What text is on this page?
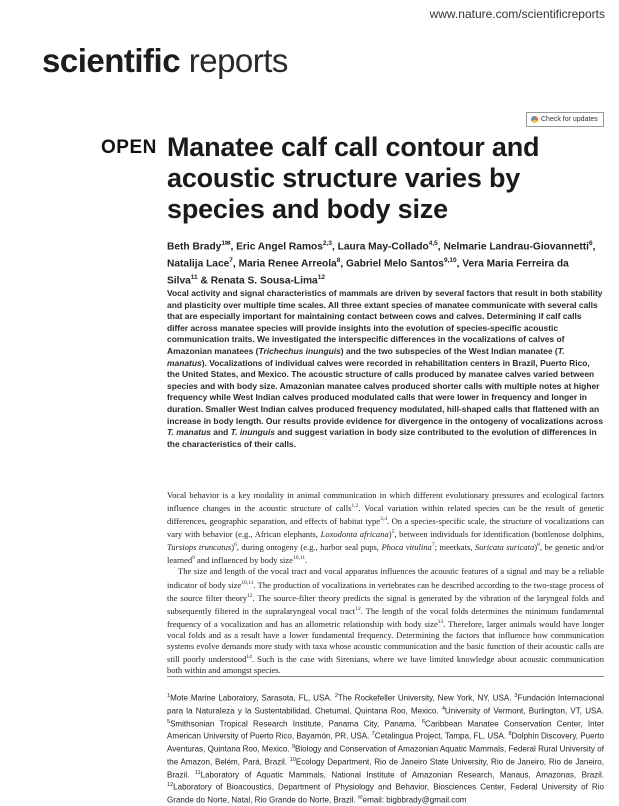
www.nature.com/scientificreports
scientific reports
Check for updates
OPEN Manatee calf call contour and acoustic structure varies by species and body size
Beth Brady$^{1✉}$, Eric Angel Ramos$^{2,3}$, Laura May-Collado$^{4,5}$, Nelmarie Landrau-Giovannetti$^6$, Natalija Lace$^7$, Maria Renee Arreola$^8$, Gabriel Melo Santos$^{9,10}$, Vera Maria Ferreira da Silva$^{11}$ & Renata S. Sousa-Lima$^{12}$
Vocal activity and signal characteristics of mammals are driven by several factors that result in both stability and plasticity over multiple time scales. All three extant species of manatee communicate with several calls that are especially important for maintaining contact between cows and calves. Determining if calf calls differ across manatee species will provide insights into the evolution of species-specific acoustic communication traits. We investigated the interspecific differences in the vocalizations of calves of Amazonian manatees (Trichechus inunguis) and the two subspecies of the West Indian manatee (T. manatus). Vocalizations of individual calves were recorded in rehabilitation centers in Brazil, Puerto Rico, the United States, and Mexico. The acoustic structure of calls produced by manatee calves varied between species and with body size. Amazonian manatee calves produced shorter calls with multiple notes at higher frequency while West Indian calves produced modulated calls that were lower in frequency and longer in duration. Smaller West Indian calves produced frequency modulated, hill-shaped calls that flattened with an increase in body length. Our results provide evidence for divergence in the ontogeny of vocalizations across T. manatus and T. inunguis and suggest variation in body size contributed to the evolution of differences in the characteristics of their calls.

Vocal behavior is a key modality in animal communication in which different evolutionary pressures and ecological factors influence changes in the acoustic structure of calls$^{1,2}$. Vocal variation within related species can be the result of genetic differences, geographic separation, and effects of habitat type$^{3,4}$. On a species-specific scale, the structure of vocalizations can vary with behavior (e.g., African elephants, Loxodonta africana)$^5$, between individuals for identification (bottlenose dolphins, Tursiops truncatus)$^6$, during ontogeny (e.g., harbor seal pups, Phoca vitulina$^7$; meerkats, Suricata suricata)$^8$, be genetic and/or learned$^9$ and influenced by body size$^{10,11}$.

The size and length of the vocal tract and vocal apparatus influences the acoustic features of a signal and may be a reliable indicator of body size$^{10,11}$. The production of vocalizations in vertebrates can be described according to the two-stage process of the source filter theory$^{12}$. The source-filter theory predicts the signal is generated by the vibration of the laryngeal folds and subsequently filtered in the supralaryngeal vocal tract$^{12}$. The length of the vocal folds determines the minimum fundamental frequency of a vocalization and has an allometric relationship with body size$^{13}$. Therefore, larger animals would have longer vocal folds and as a result have a lower fundamental frequency. Determining the factors that influence how communication systems evolve demands more study with taxa whose acoustic communication and the basic function of their acoustic calls are still poorly understood$^{14}$. Such is the case with Sirenians, where we have limited knowledge about acoustic communication both within and amongst species.

$^1$Mote Marine Laboratory, Sarasota, FL, USA. $^2$The Rockefeller University, New York, NY, USA. $^3$Fundación Internacional para la Naturaleza y la Sustentabilidad, Chetumal, Quintana Roo, Mexico. $^4$University of Vermont, Burlington, VT, USA. $^5$Smithsonian Tropical Research Institute, Panama City, Panama. $^6$Caribbean Manatee Conservation Center, Inter American University of Puerto Rico, Bayamón, PR, USA. $^7$Cetalingua Project, Tampa, FL, USA. $^8$Dolphin Discovery, Puerto Aventuras, Quintana Roo, Mexico. $^9$Biology and Conservation of Amazonian Aquatic Mammals, Federal Rural University of the Amazon, Belém, Pará, Brazil. $^{10}$Ecology Department, Rio de Janeiro State University, Rio de Janeiro, Rio de Janeiro, Brazil. $^{11}$Laboratory of Aquatic Mammals, National Institute of Amazonian Research, Manaus, Amazonas, Brazil. $^{12}$Laboratory of Bioacoustics, Department of Physiology and Behavior, Biosciences Center, Federal University of Rio Grande do Norte, Natal, Rio Grande do Norte, Brazil. ✉email: bigbbrady@gmail.com
